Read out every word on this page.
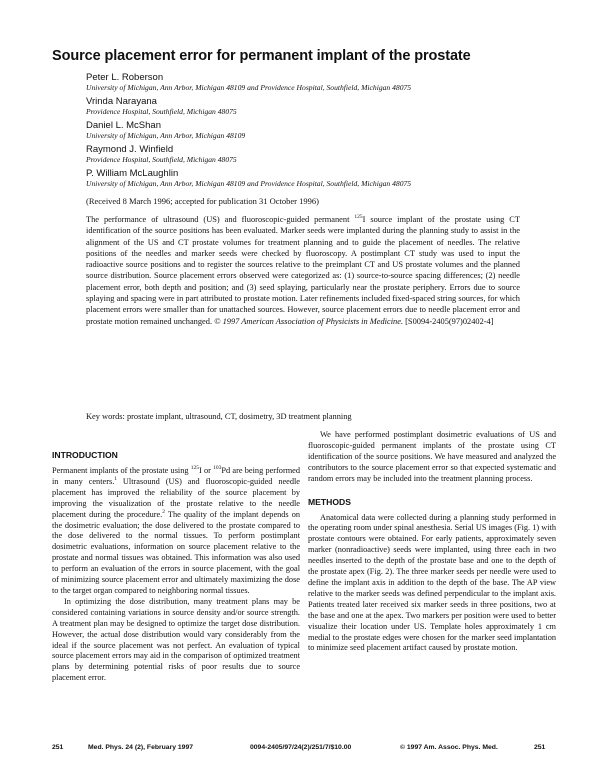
Source placement error for permanent implant of the prostate
Peter L. Roberson
University of Michigan, Ann Arbor, Michigan 48109 and Providence Hospital, Southfield, Michigan 48075
Vrinda Narayana
Providence Hospital, Southfield, Michigan 48075
Daniel L. McShan
University of Michigan, Ann Arbor, Michigan 48109
Raymond J. Winfield
Providence Hospital, Southfield, Michigan 48075
P. William McLaughlin
University of Michigan, Ann Arbor, Michigan 48109 and Providence Hospital, Southfield, Michigan 48075
(Received 8 March 1996; accepted for publication 31 October 1996)

The performance of ultrasound (US) and fluoroscopic-guided permanent $^{125}$I source implant of the prostate using CT identification of the source positions has been evaluated. Marker seeds were implanted during the planning study to assist in the alignment of the US and CT prostate volumes for treatment planning and to guide the placement of needles. The relative positions of the needles and marker seeds were checked by fluoroscopy. A postimplant CT study was used to input the radioactive source positions and to register the sources relative to the preimplant CT and US prostate volumes and the planned source distribution. Source placement errors observed were categorized as: (1) source-to-source spacing differences; (2) needle placement error, both depth and position; and (3) seed splaying, particularly near the prostate periphery. Errors due to source splaying and spacing were in part attributed to prostate motion. Later refinements included fixed-spaced string sources, for which placement errors were smaller than for unattached sources. However, source placement errors due to needle placement error and prostate motion remained unchanged. © 1997 American Association of Physicists in Medicine. [S0094-2405(97)02402-4]

Key words: prostate implant, ultrasound, CT, dosimetry, 3D treatment planning
INTRODUCTION

Permanent implants of the prostate using $^{125}$I or $^{103}$Pd are being performed in many centers.$^1$ Ultrasound (US) and fluoroscopic-guided needle placement has improved the reliability of the source placement by improving the visualization of the prostate relative to the needle placement during the procedure.$^2$ The quality of the implant depends on the dosimetric evaluation; the dose delivered to the prostate compared to the dose delivered to the normal tissues. To perform postimplant dosimetric evaluations, information on source placement relative to the prostate and normal tissues was obtained. This information was also used to perform an evaluation of the errors in source placement, with the goal of minimizing source placement error and ultimately maximizing the dose to the target organ compared to neighboring normal tissues.

In optimizing the dose distribution, many treatment plans may be considered containing variations in source density and/or source strength. A treatment plan may be designed to optimize the target dose distribution. However, the actual dose distribution would vary considerably from the ideal if the source placement was not perfect. An evaluation of typical source placement errors may aid in the comparison of optimized treatment plans by determining potential risks of poor results due to source placement error.

We have performed postimplant dosimetric evaluations of US and fluoroscopic-guided permanent implants of the prostate using CT identification of the source positions. We have measured and analyzed the contributors to the source placement error so that expected systematic and random errors may be included into the treatment planning process.

METHODS

Anatomical data were collected during a planning study performed in the operating room under spinal anesthesia. Serial US images (Fig. 1) with prostate contours were obtained. For early patients, approximately seven marker (nonradioactive) seeds were implanted, using three each in two needles inserted to the depth of the prostate base and one to the depth of the prostate apex (Fig. 2). The three marker seeds per needle were used to define the implant axis in addition to the depth of the base. The AP view relative to the marker seeds was defined perpendicular to the implant axis. Patients treated later received six marker seeds in three positions, two at the base and one at the apex. Two markers per position were used to better visualize their location under US. Template holes approximately 1 cm medial to the prostate edges were chosen for the marker seed implantation to minimize seed placement artifact caused by prostate motion.

251	Med. Phys. 24 (2), February 1997	0094-2405/97/24(2)/251/7/$10.00	© 1997 Am. Assoc. Phys. Med.	251
